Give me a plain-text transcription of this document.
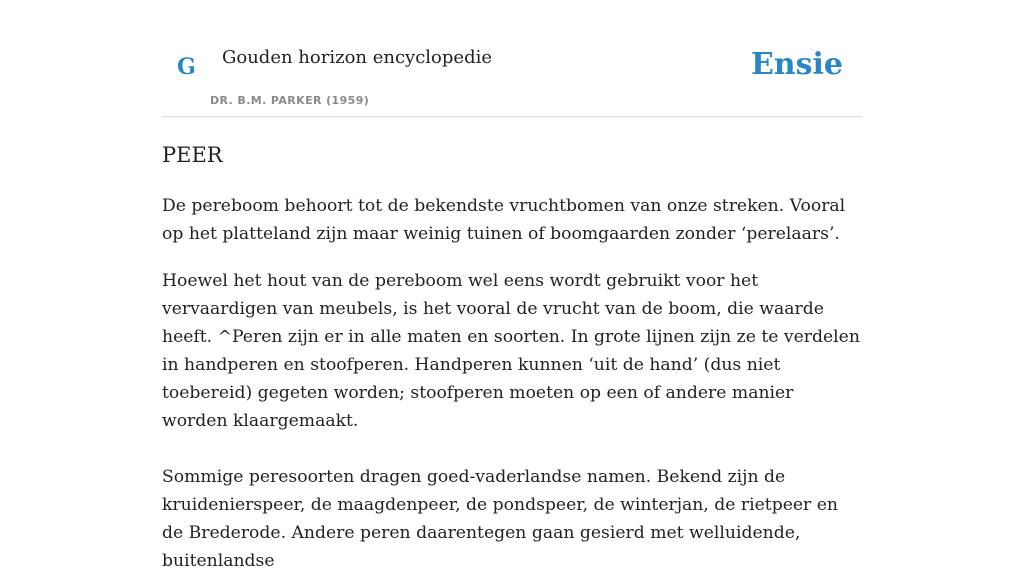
G Gouden horizon encyclopedie
DR. B.M. PARKER (1959)
Ensie
PEER

De pereboom behoort tot de bekendste vruchtbomen van onze streken. Vooral op het platteland zijn maar weinig tuinen of boomgaarden zonder ‘perelaars’.

Hoewel het hout van de pereboom wel eens wordt gebruikt voor het vervaardigen van meubels, is het vooral de vrucht van de boom, die waarde heeft. ^Peren zijn er in alle maten en soorten. In grote lijnen zijn ze te verdelen in handperen en stoofperen. Handperen kunnen ‘uit de hand’ (dus niet toebereid) gegeten worden; stoofperen moeten op een of andere manier worden klaargemaakt.

Sommige peresoorten dragen goed-vaderlandse namen. Bekend zijn de kruidenierspeer, de maagdenpeer, de pondspeer, de winterjan, de rietpeer en de Brederode. Andere peren daarentegen gaan gesierd met welluidende, buitenlandse
